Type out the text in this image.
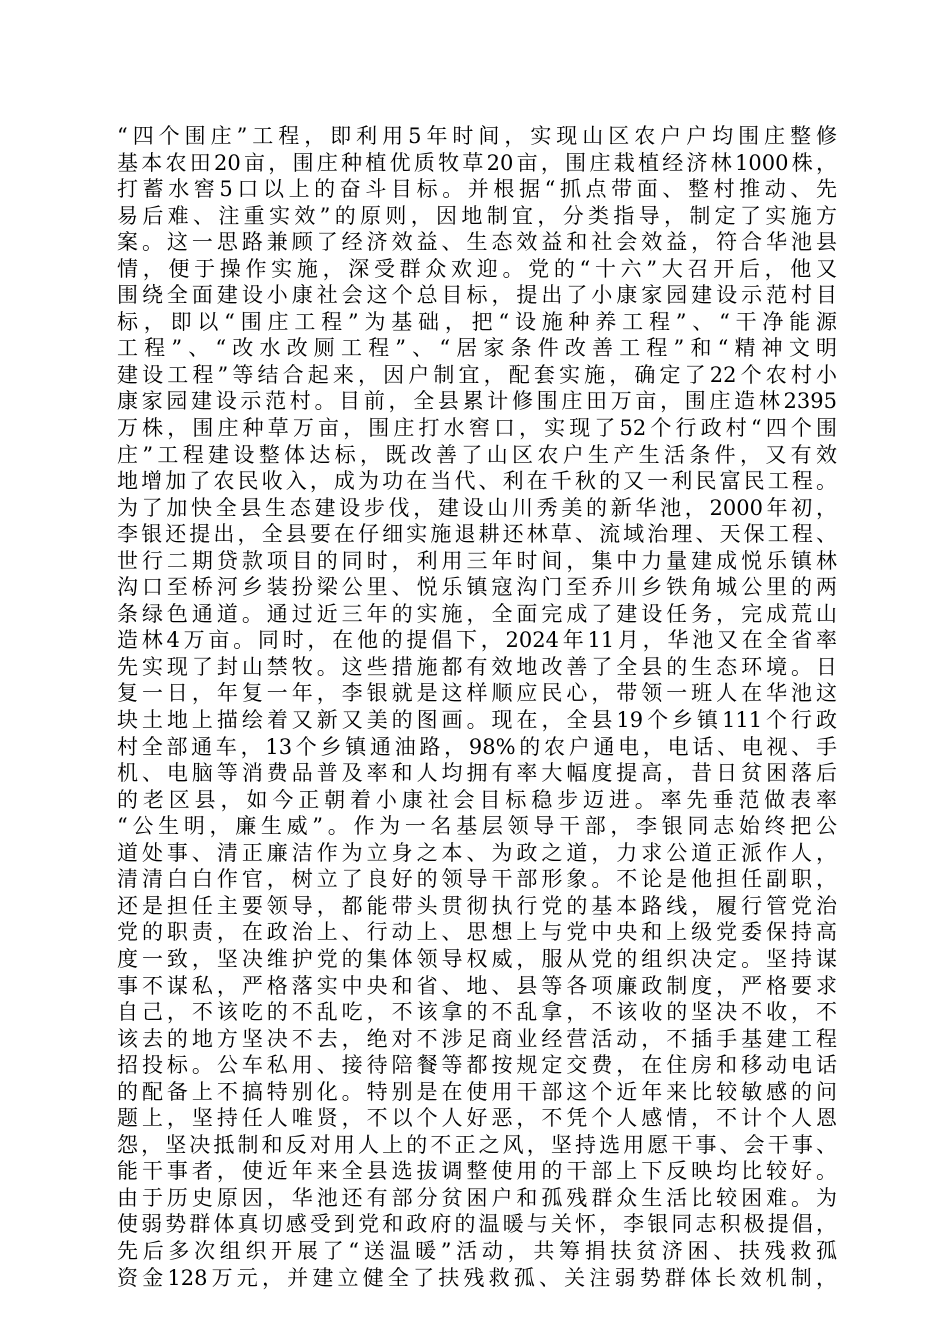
“四个围庄”工程，即利用5年时间，实现山区农户户均围庄整修
基本农田20亩，围庄种植优质牧草20亩，围庄栽植经济林1000株，
打蓄水窖5口以上的奋斗目标。并根据“抓点带面、整村推动、先
易后难、注重实效”的原则，因地制宜，分类指导，制定了实施方
案。这一思路兼顾了经济效益、生态效益和社会效益，符合华池县
情，便于操作实施，深受群众欢迎。党的“十六”大召开后，他又
围绕全面建设小康社会这个总目标，提出了小康家园建设示范村目
标，即以“围庄工程”为基础，把“设施种养工程”、“干净能源
工程”、“改水改厕工程”、“居家条件改善工程”和“精神文明
建设工程”等结合起来，因户制宜，配套实施，确定了22个农村小
康家园建设示范村。目前，全县累计修围庄田万亩，围庄造林2395
万株，围庄种草万亩，围庄打水窖口，实现了52个行政村“四个围
庄”工程建设整体达标，既改善了山区农户生产生活条件，又有效
地增加了农民收入，成为功在当代、利在千秋的又一利民富民工程。
为了加快全县生态建设步伐，建设山川秀美的新华池，2000年初，
李银还提出，全县要在仔细实施退耕还林草、流域治理、天保工程、
世行二期贷款项目的同时，利用三年时间，集中力量建成悦乐镇林
沟口至桥河乡装扮梁公里、悦乐镇寇沟门至乔川乡铁角城公里的两
条绿色通道。通过近三年的实施，全面完成了建设任务，完成荒山
造林4万亩。同时，在他的提倡下，2024年11月，华池又在全省率
先实现了封山禁牧。这些措施都有效地改善了全县的生态环境。日
复一日，年复一年，李银就是这样顺应民心，带领一班人在华池这
块土地上描绘着又新又美的图画。现在，全县19个乡镇111个行政
村全部通车，13个乡镇通油路，98%的农户通电，电话、电视、手
机、电脑等消费品普及率和人均拥有率大幅度提高，昔日贫困落后
的老区县，如今正朝着小康社会目标稳步迈进。率先垂范做表率
“公生明，廉生威”。作为一名基层领导干部，李银同志始终把公
道处事、清正廉洁作为立身之本、为政之道，力求公道正派作人，
清清白白作官，树立了良好的领导干部形象。不论是他担任副职，
还是担任主要领导，都能带头贯彻执行党的基本路线，履行管党治
党的职责，在政治上、行动上、思想上与党中央和上级党委保持高
度一致，坚决维护党的集体领导权威，服从党的组织决定。坚持谋
事不谋私，严格落实中央和省、地、县等各项廉政制度，严格要求
自己，不该吃的不乱吃，不该拿的不乱拿，不该收的坚决不收，不
该去的地方坚决不去，绝对不涉足商业经营活动，不插手基建工程
招投标。公车私用、接待陪餐等都按规定交费，在住房和移动电话
的配备上不搞特别化。特别是在使用干部这个近年来比较敏感的问
题上，坚持任人唯贤，不以个人好恶，不凭个人感情，不计个人恩
怨，坚决抵制和反对用人上的不正之风，坚持选用愿干事、会干事、
能干事者，使近年来全县选拔调整使用的干部上下反映均比较好。
由于历史原因，华池还有部分贫困户和孤残群众生活比较困难。为
使弱势群体真切感受到党和政府的温暖与关怀，李银同志积极提倡，
先后多次组织开展了“送温暖”活动，共筹捐扶贫济困、扶残救孤
资金128万元，并建立健全了扶残救孤、关注弱势群体长效机制，
